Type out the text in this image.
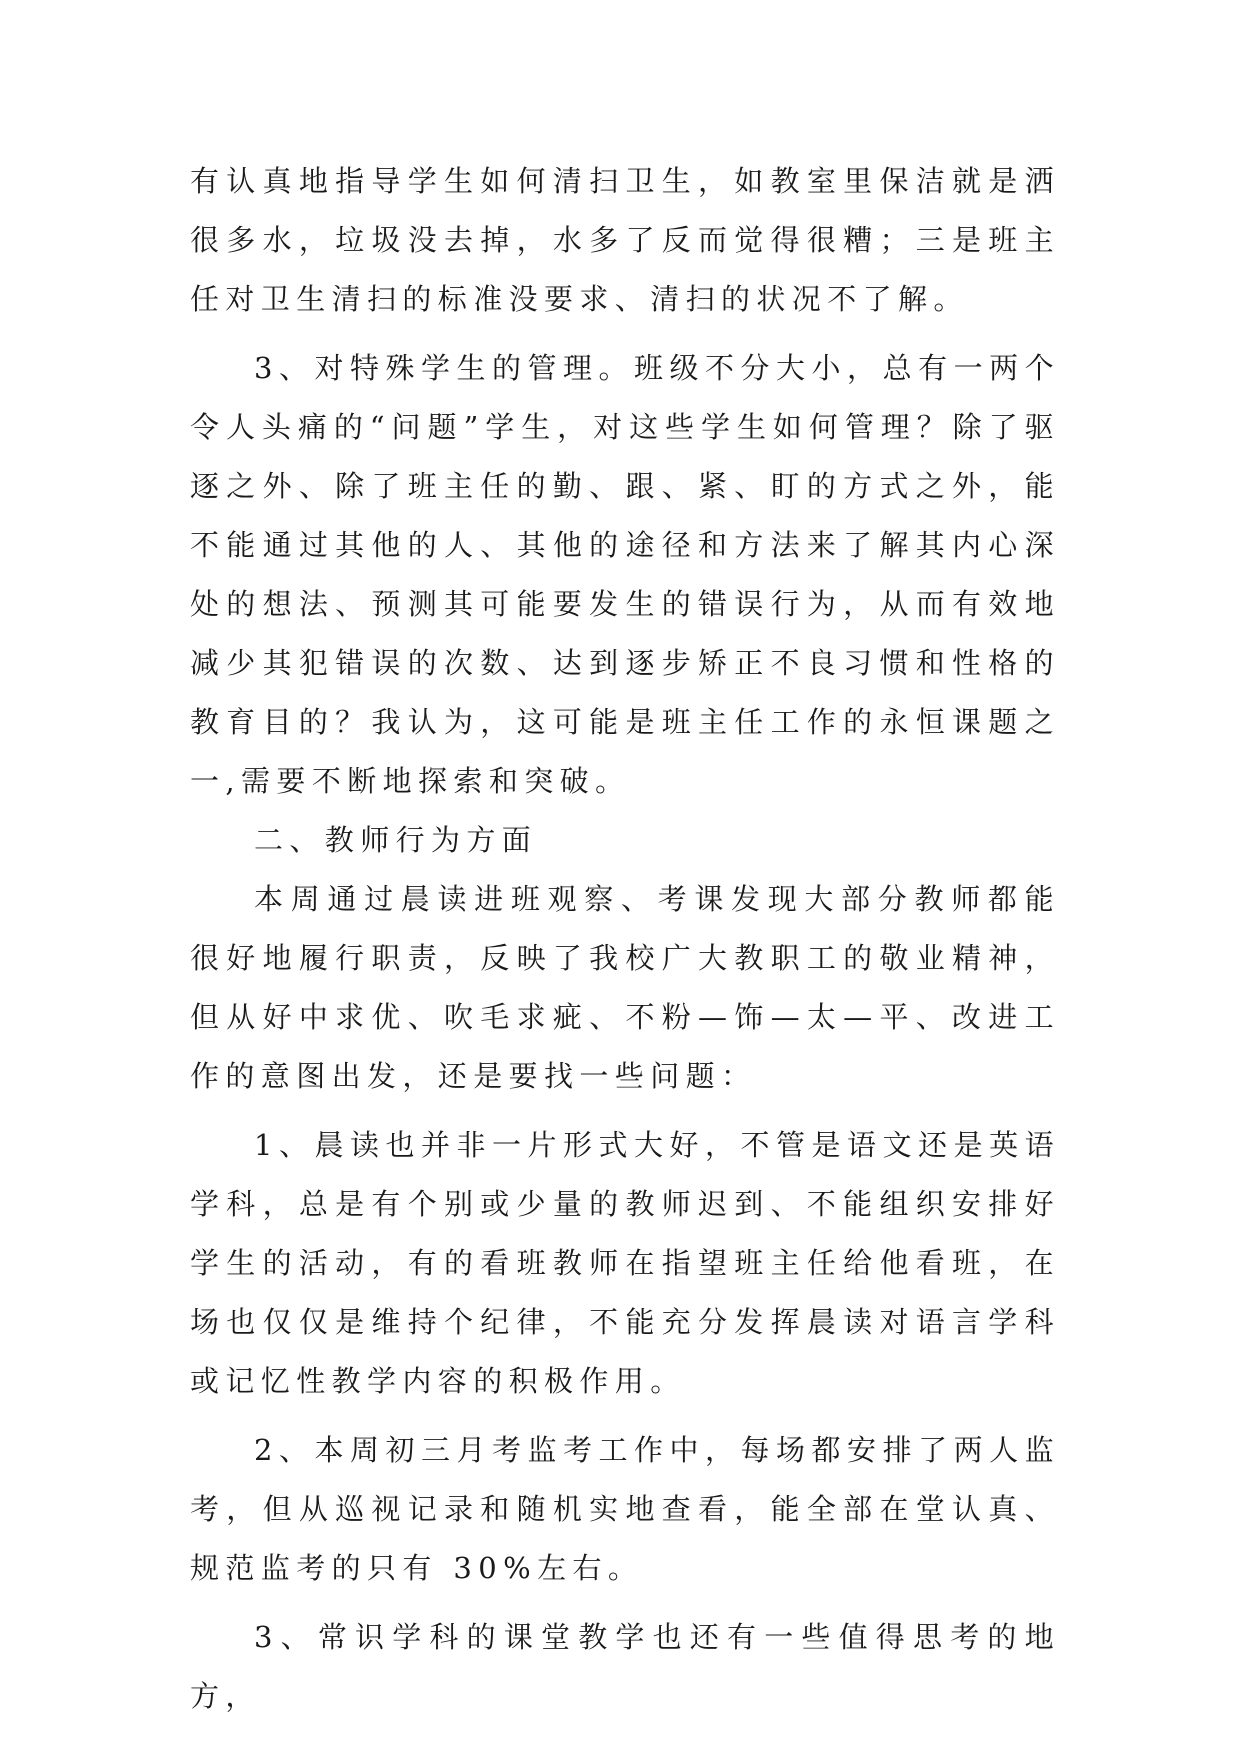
有认真地指导学生如何清扫卫生，如教室里保洁就是洒很多水，垃圾没去掉，水多了反而觉得很糟；三是班主任对卫生清扫的标准没要求、清扫的状况不了解。

3、对特殊学生的管理。班级不分大小，总有一两个令人头痛的“问题”学生，对这些学生如何管理？除了驱逐之外、除了班主任的勤、跟、紧、盯的方式之外，能不能通过其他的人、其他的途径和方法来了解其内心深处的想法、预测其可能要发生的错误行为，从而有效地减少其犯错误的次数、达到逐步矫正不良习惯和性格的教育目的？我认为，这可能是班主任工作的永恒课题之一,需要不断地探索和突破。

二、教师行为方面

本周通过晨读进班观察、考课发现大部分教师都能很好地履行职责，反映了我校广大教职工的敬业精神，但从好中求优、吹毛求疵、不粉—饰—太—平、改进工作的意图出发，还是要找一些问题：

1、晨读也并非一片形式大好，不管是语文还是英语学科，总是有个别或少量的教师迟到、不能组织安排好学生的活动，有的看班教师在指望班主任给他看班，在场也仅仅是维持个纪律，不能充分发挥晨读对语言学科或记忆性教学内容的积极作用。

2、本周初三月考监考工作中，每场都安排了两人监考，但从巡视记录和随机实地查看，能全部在堂认真、规范监考的只有 30%左右。

3、常识学科的课堂教学也还有一些值得思考的地方，
